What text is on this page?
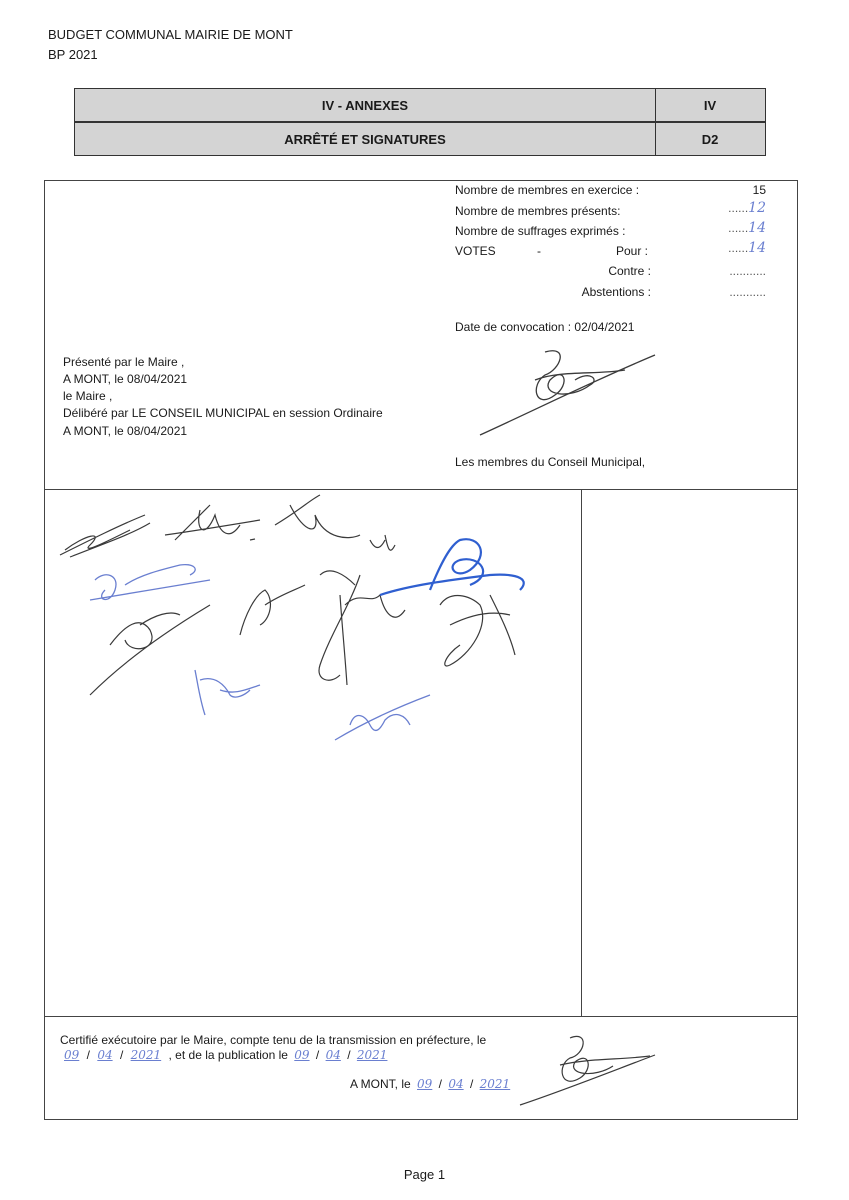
BUDGET COMMUNAL MAIRIE DE MONT
BP 2021
IV - ANNEXES	IV
ARRÊTÉ ET SIGNATURES	D2
Nombre de membres en exercice :	15
Nombre de membres présents:	......12
Nombre de suffrages exprimés :	......14
VOTES	-	Pour :	......14
Contre :	...........
Abstentions :	...........
Date de convocation : 02/04/2021
Présenté par le Maire ,
A MONT, le 08/04/2021
le Maire ,
Délibéré par LE CONSEIL MUNICIPAL en session Ordinaire
A MONT, le 08/04/2021
Les membres du Conseil Municipal,
Certifié exécutoire par le Maire, compte tenu de la transmission en préfecture, le
09 / 04 / 2021 , et de la publication le 09 / 04 / 2021
A MONT, le 09 / 04 / 2021
Page 1
